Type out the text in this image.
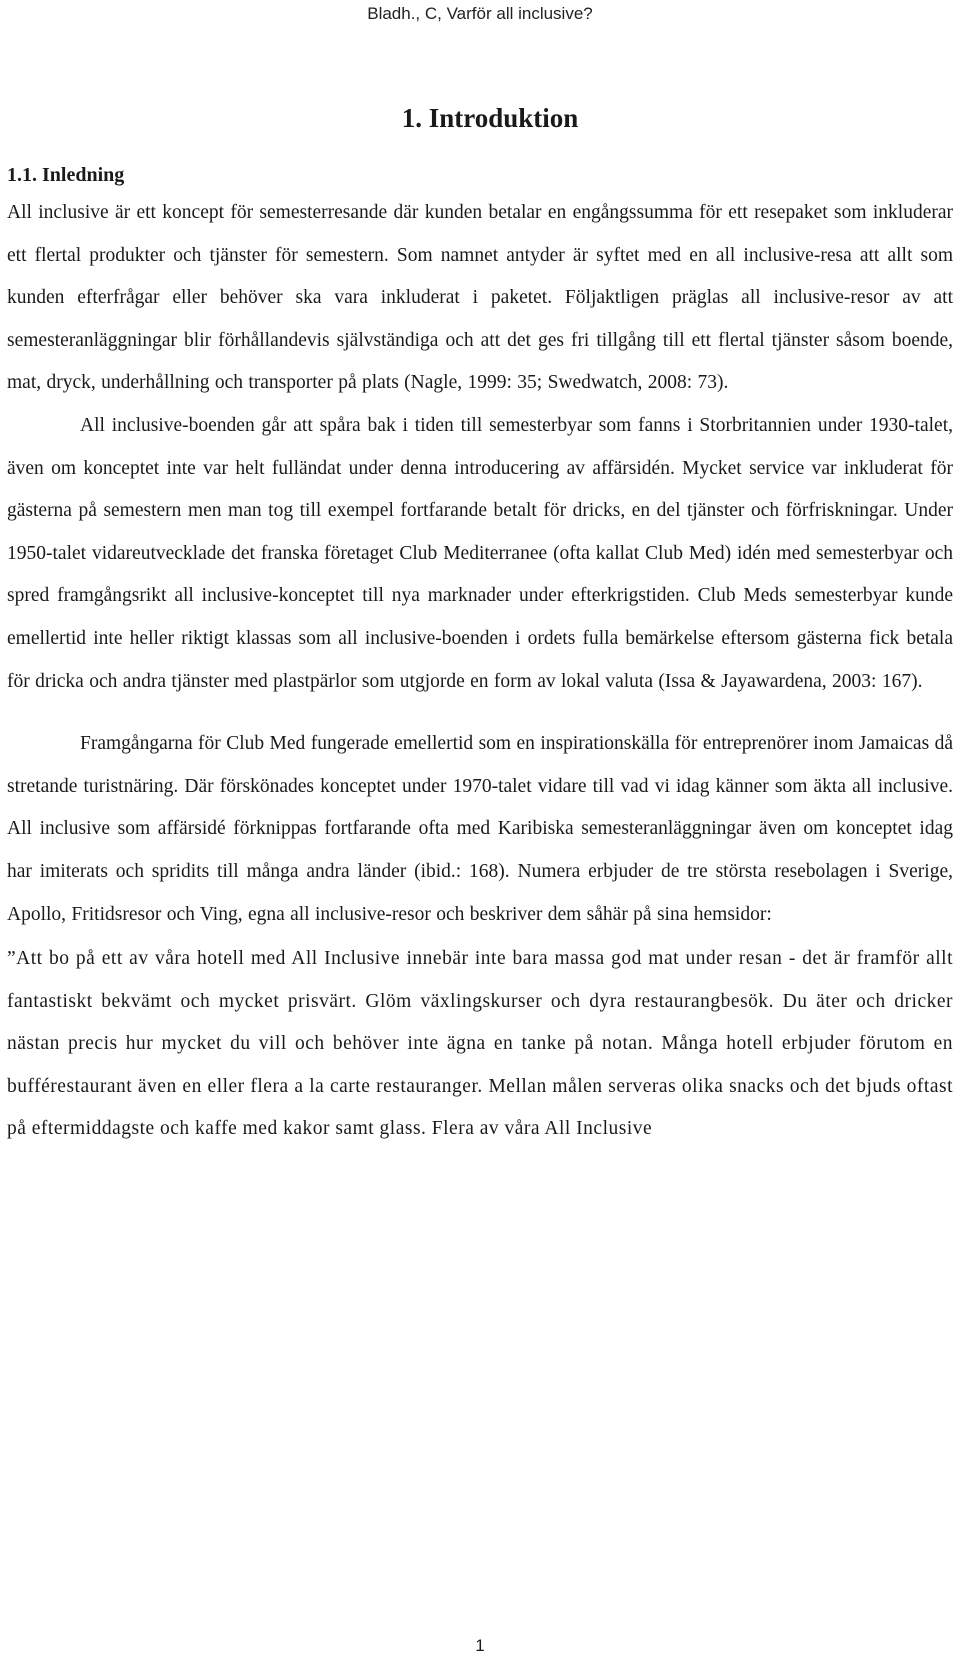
Bladh., C, Varför all inclusive?

1. Introduktion
1.1. Inledning

All inclusive är ett koncept för semesterresande där kunden betalar en engångssumma för ett resepaket som inkluderar ett flertal produkter och tjänster för semestern. Som namnet antyder är syftet med en all inclusive-resa att allt som kunden efterfrågar eller behöver ska vara inkluderat i paketet. Följaktligen präglas all inclusive-resor av att semesteranläggningar blir förhållandevis självständiga och att det ges fri tillgång till ett flertal tjänster såsom boende, mat, dryck, underhållning och transporter på plats (Nagle, 1999: 35; Swedwatch, 2008: 73).

All inclusive-boenden går att spåra bak i tiden till semesterbyar som fanns i Storbritannien under 1930-talet, även om konceptet inte var helt fulländat under denna introducering av affärsidén. Mycket service var inkluderat för gästerna på semestern men man tog till exempel fortfarande betalt för dricks, en del tjänster och förfriskningar. Under 1950-talet vidareutvecklade det franska företaget Club Mediterranee (ofta kallat Club Med) idén med semesterbyar och spred framgångsrikt all inclusive-konceptet till nya marknader under efterkrigstiden. Club Meds semesterbyar kunde emellertid inte heller riktigt klassas som all inclusive-boenden i ordets fulla bemärkelse eftersom gästerna fick betala för dricka och andra tjänster med plastpärlor som utgjorde en form av lokal valuta (Issa & Jayawardena, 2003: 167).

Framgångarna för Club Med fungerade emellertid som en inspirationskälla för entreprenörer inom Jamaicas då stretande turistnäring. Där förskönades konceptet under 1970-talet vidare till vad vi idag känner som äkta all inclusive. All inclusive som affärsidé förknippas fortfarande ofta med Karibiska semesteranläggningar även om konceptet idag har imiterats och spridits till många andra länder (ibid.: 168). Numera erbjuder de tre största resebolagen i Sverige, Apollo, Fritidsresor och Ving, egna all inclusive-resor och beskriver dem såhär på sina hemsidor:

”Att bo på ett av våra hotell med All Inclusive innebär inte bara massa god mat under resan - det är framför allt fantastiskt bekvämt och mycket prisvärt. Glöm växlingskurser och dyra restaurangbesök. Du äter och dricker nästan precis hur mycket du vill och behöver inte ägna en tanke på notan. Många hotell erbjuder förutom en bufférestaurant även en eller flera a la carte restauranger. Mellan målen serveras olika snacks och det bjuds oftast på eftermiddagste och kaffe med kakor samt glass. Flera av våra All Inclusive

1
